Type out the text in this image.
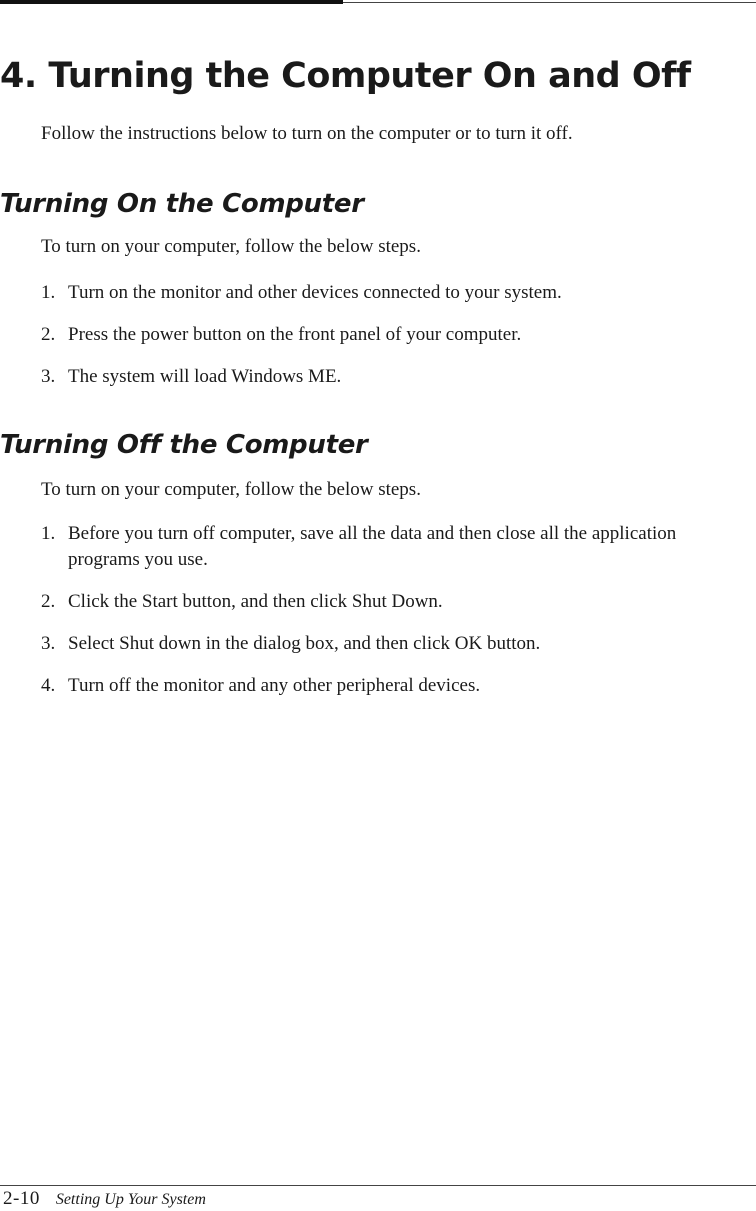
4. Turning the Computer On and Off

Follow the instructions below to turn on the computer or to turn it off.

Turning On the Computer

To turn on your computer, follow the below steps.

1. Turn on the monitor and other devices connected to your system.
2. Press the power button on the front panel of your computer.
3. The system will load Windows ME.
Turning Off the Computer

To turn on your computer, follow the below steps.

1. Before you turn off computer, save all the data and then close all the application programs you use.
2. Click the Start button, and then click Shut Down.
3. Select Shut down in the dialog box, and then click OK button.
4. Turn off the monitor and any other peripheral devices.
2-10 Setting Up Your System
